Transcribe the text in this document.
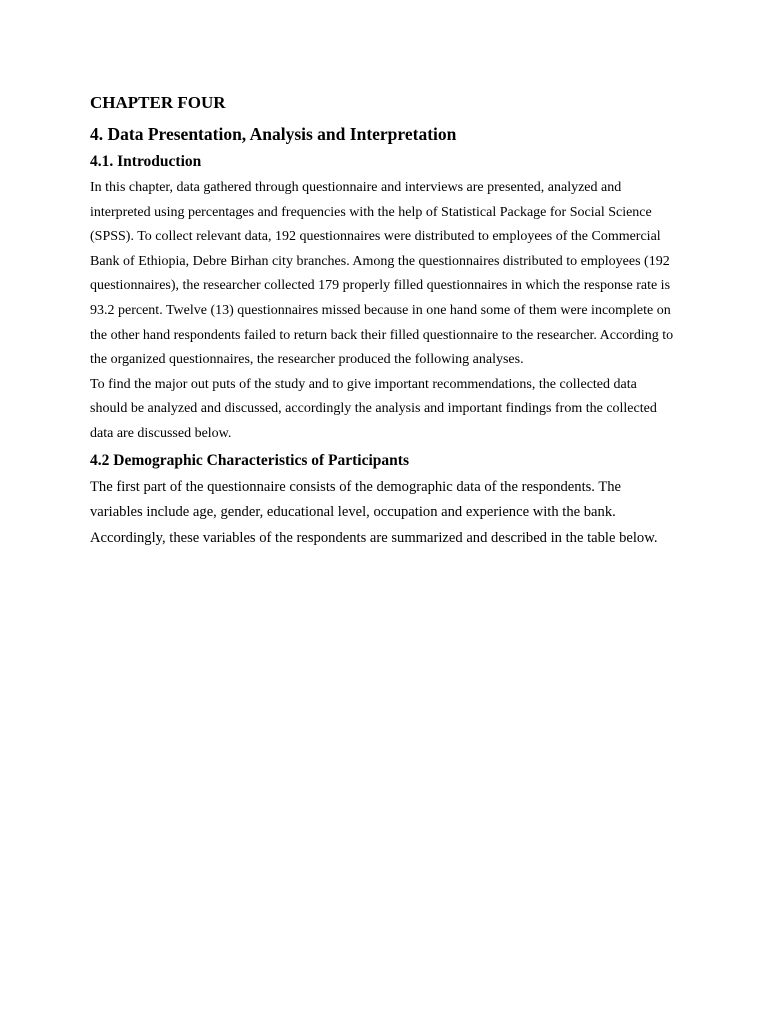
CHAPTER FOUR
4. Data Presentation, Analysis and Interpretation
4.1. Introduction

In this chapter, data gathered through questionnaire and interviews are presented, analyzed and interpreted using percentages and frequencies with the help of Statistical Package for Social Science (SPSS). To collect relevant data, 192 questionnaires were distributed to employees of the Commercial Bank of Ethiopia, Debre Birhan city branches. Among the questionnaires distributed to employees (192 questionnaires), the researcher collected 179 properly filled questionnaires in which the response rate is 93.2 percent. Twelve (13) questionnaires missed because in one hand some of them were incomplete on the other hand respondents failed to return back their filled questionnaire to the researcher. According to the organized questionnaires, the researcher produced the following analyses.

To find the major out puts of the study and to give important recommendations, the collected data should be analyzed and discussed, accordingly the analysis and important findings from the collected data are discussed below.

4.2 Demographic Characteristics of Participants

The first part of the questionnaire consists of the demographic data of the respondents. The variables include age, gender, educational level, occupation and experience with the bank. Accordingly, these variables of the respondents are summarized and described in the table below.
